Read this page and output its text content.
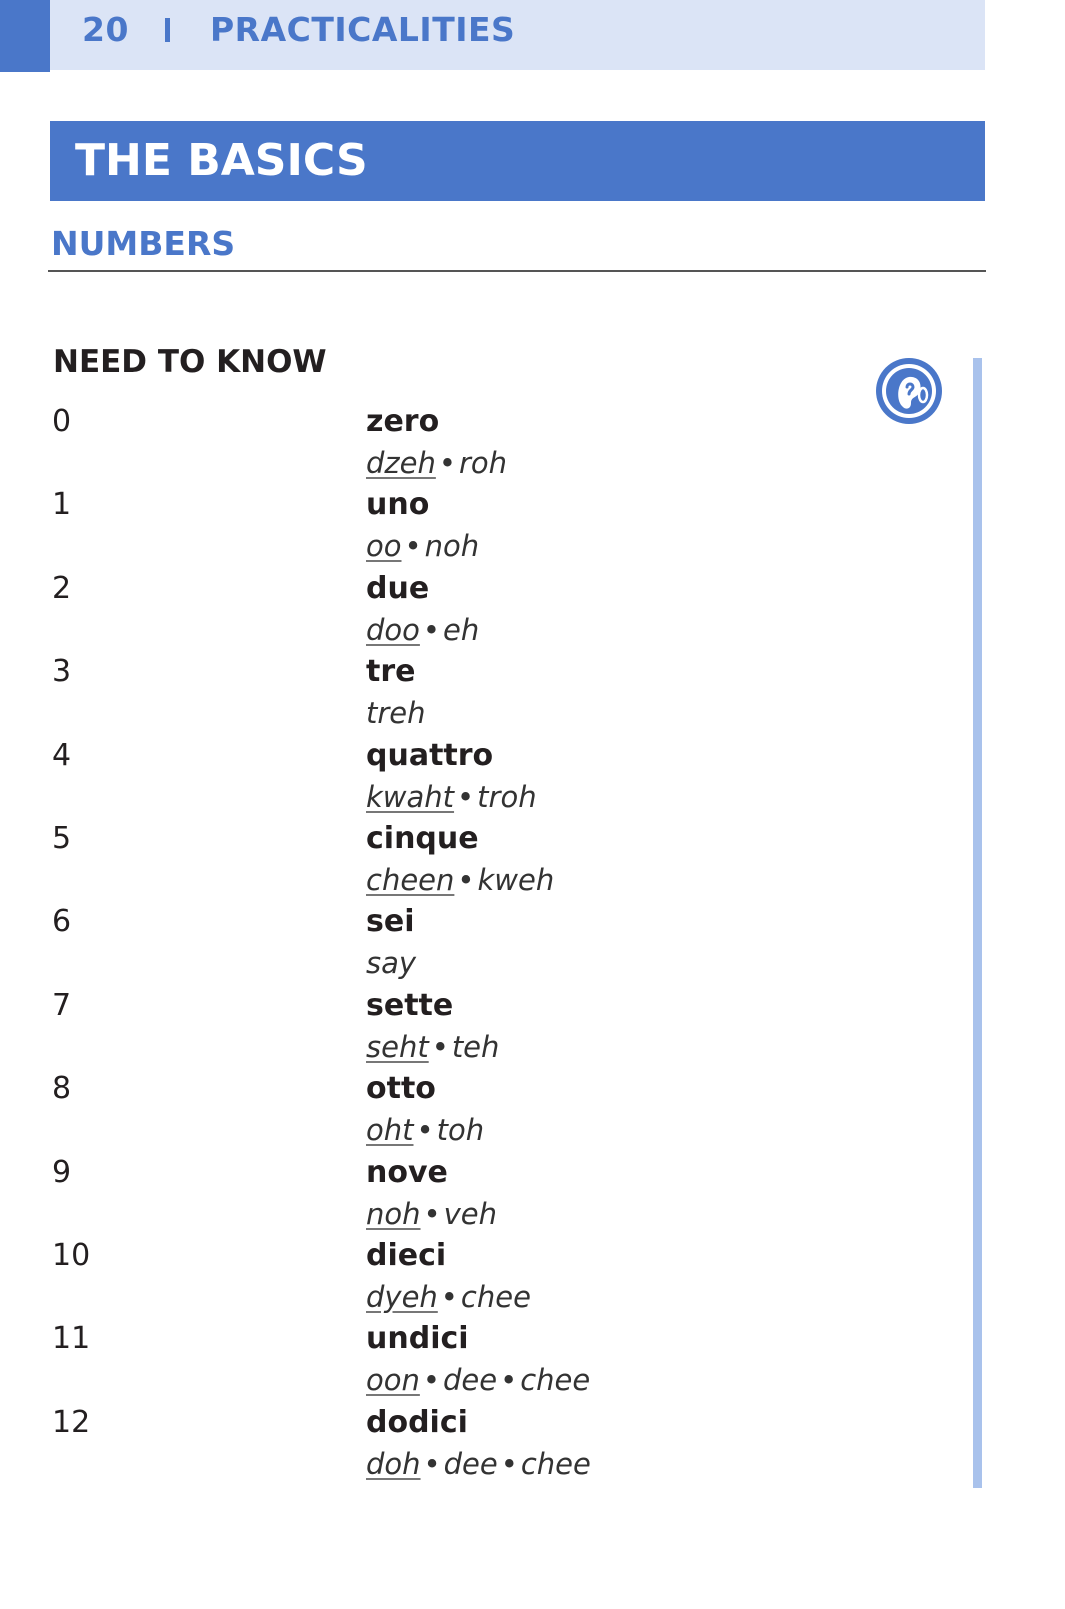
20 PRACTICALITIES
THE BASICS
NUMBERS
NEED TO KNOW
0	zero
dzeh • roh
1	uno
oo • noh
2	due
doo • eh
3	tre
treh
4	quattro
kwaht • troh
5	cinque
cheen • kweh
6	sei
say
7	sette
seht • teh
8	otto
oht • toh
9	nove
noh • veh
10	dieci
dyeh • chee
11	undici
oon • dee • chee
12	dodici
doh • dee • chee
